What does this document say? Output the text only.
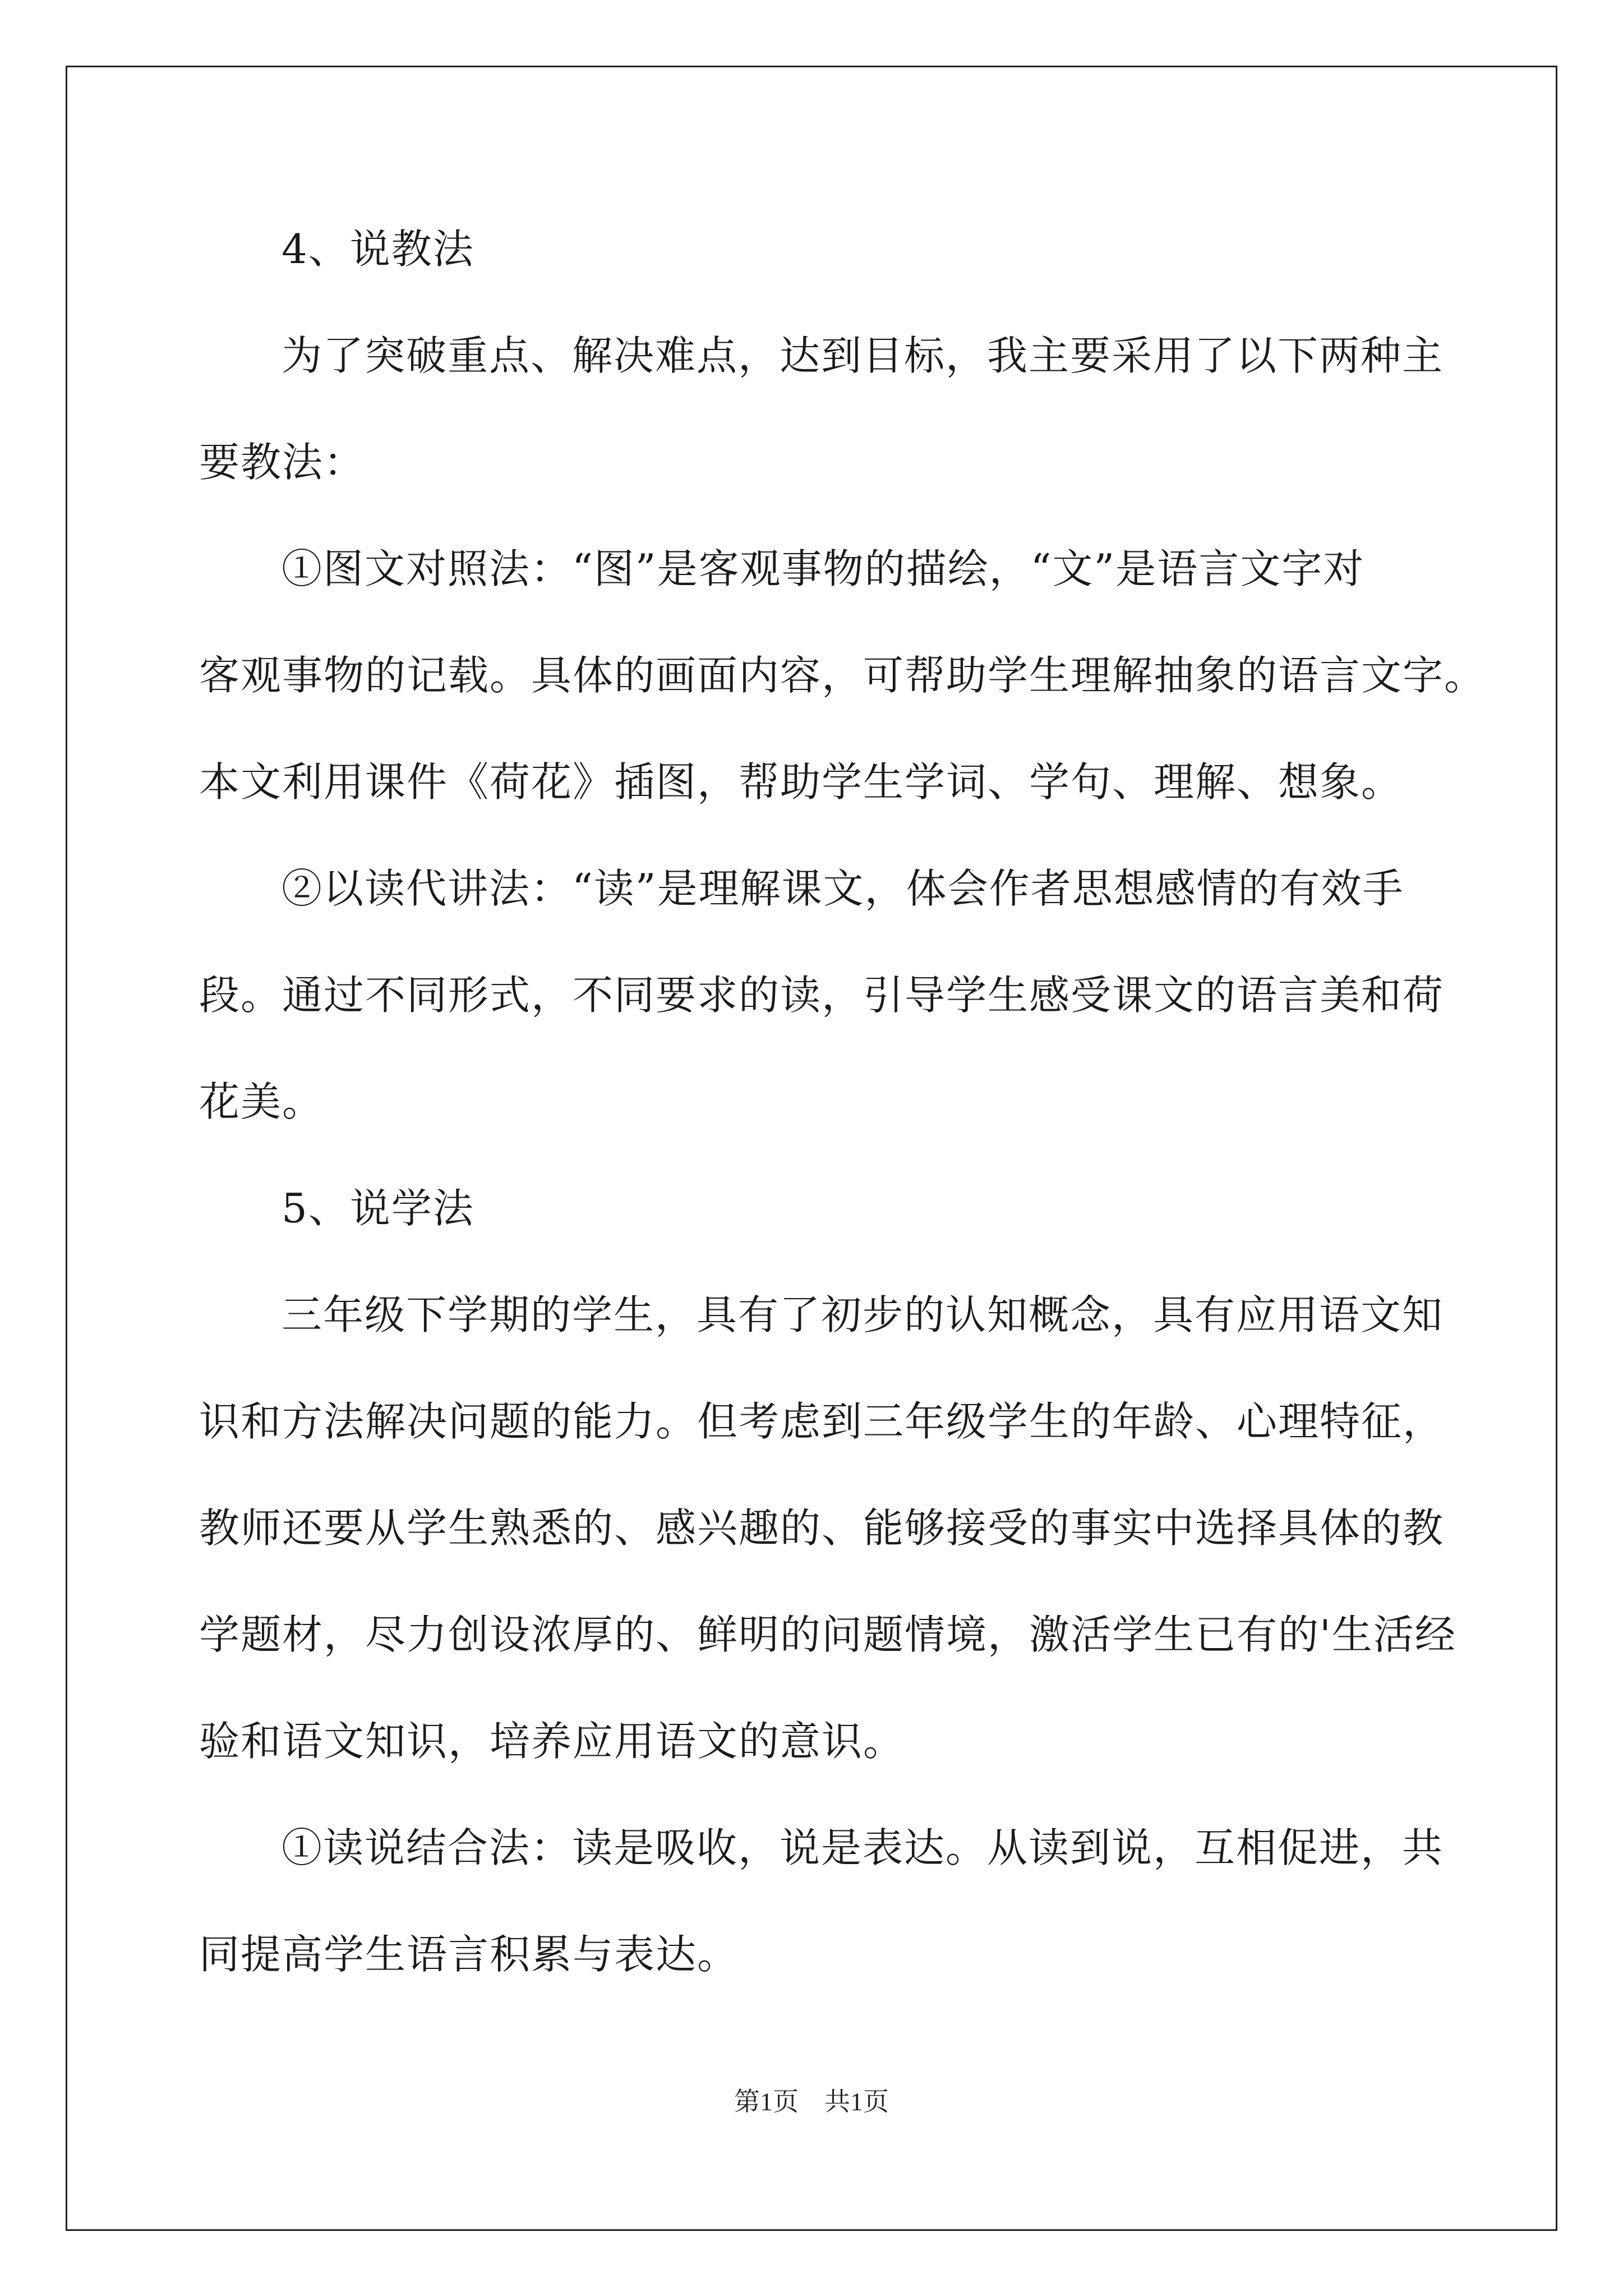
4、说教法
为了突破重点、解决难点，达到目标，我主要采用了以下两种主
要教法：
①图文对照法：“图”是客观事物的描绘，“文”是语言文字对
客观事物的记载。具体的画面内容，可帮助学生理解抽象的语言文字。
本文利用课件《荷花》插图，帮助学生学词、学句、理解、想象。
②以读代讲法：“读”是理解课文，体会作者思想感情的有效手
段。通过不同形式，不同要求的读，引导学生感受课文的语言美和荷
花美。
5、说学法
三年级下学期的学生，具有了初步的认知概念，具有应用语文知
识和方法解决问题的能力。但考虑到三年级学生的年龄、心理特征，
教师还要从学生熟悉的、感兴趣的、能够接受的事实中选择具体的教
学题材，尽力创设浓厚的、鲜明的问题情境，激活学生已有的'生活经
验和语文知识，培养应用语文的意识。
①读说结合法：读是吸收，说是表达。从读到说，互相促进，共
同提高学生语言积累与表达。
第1页　共1页
